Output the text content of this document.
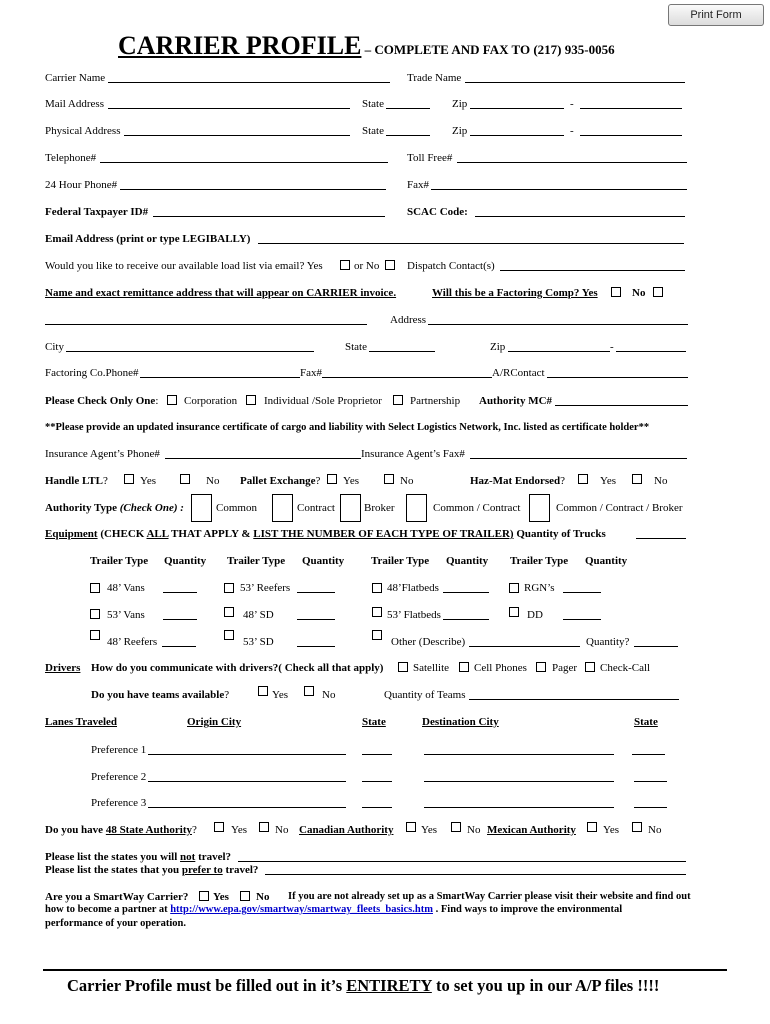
Print Form
CARRIER PROFILE – COMPLETE AND FAX TO (217) 935-0056
Carrier Name	Trade Name
Mail Address	State	Zip	-
Physical Address	State	Zip	-
Telephone#	Toll Free#
24 Hour Phone#	Fax#
Federal Taxpayer ID#	SCAC Code:
Email Address (print or type LEGIBALLY)
Would you like to receive our available load list via email? Yes	or No	Dispatch Contact(s)
Name and exact remittance address that will appear on CARRIER invoice.	Will this be a Factoring Comp? Yes	No
Address
City	State	Zip	-
Factoring Co.Phone#	Fax#	A/RContact
Please Check Only One: Corporation Individual /Sole Proprietor	Partnership Authority MC#
**Please provide an updated insurance certificate of cargo and liability with Select Logistics Network, Inc. listed as certificate holder**
Insurance Agent’s Phone#	Insurance Agent’s Fax#
Handle LTL?	Yes	No Pallet Exchange? Yes	No	Haz-Mat Endorsed?	Yes	No
Authority Type (Check One) :	Common	Contract	Broker	Common / Contract	Common / Contract / Broker
Equipment (CHECK ALL THAT APPLY & LIST THE NUMBER OF EACH TYPE OF TRAILER) Quantity of Trucks
Trailer Type Quantity Trailer Type Quantity Trailer Type Quantity Trailer Type Quantity
48’ Vans	53’ Reefers	48’Flatbeds	RGN’s
53’ Vans	48’ SD	53’ Flatbeds	DD
48’ Reefers	53’ SD	Other (Describe)	Quantity?
Drivers How do you communicate with drivers?( Check all that apply)	Satellite Cell Phones Pager Check-Call
Do you have teams available?	Yes	No	Quantity of Teams
Lanes Traveled	Origin City	State	Destination City	State
Preference 1
Preference 2
Preference 3
Do you have 48 State Authority?	Yes	No Canadian Authority	Yes	No Mexican Authority Yes	No
Please list the states you will not travel?
Please list the states that you prefer to travel?
Are you a SmartWay Carrier? Yes No If you are not already set up as a SmartWay Carrier please visit their website and find out
how to become a partner at http://www.epa.gov/smartway/smartway_fleets_basics.htm . Find ways to improve the environmental
performance of your operation.
Carrier Profile must be filled out in it’s ENTIRETY to set you up in our A/P files !!!!
